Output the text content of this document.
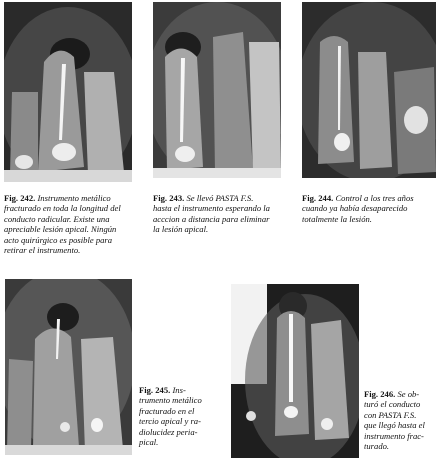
Fig. 242. Instrumento metálico
fracturado en toda la longitud del
conducto radicular. Existe una
apreciable lesión apical. Ningún
acto quirúrgico es posible para
retirar el instrumento.

Fig. 243. Se llevó PASTA F.S.
hasta el instrumento esperando la
acccion a distancia para eliminar
la lesión apical.

Fig. 244. Control a los tres años
cuando ya había desaparecido
totalmente la lesión.

Fig. 245. Ins-
trumento metálico
fracturado en el
tercio apical y ra-
diolucidez peria-
pical.

Fig. 246. Se ob-
turó el conducto
con PASTA F.S.
que llegó hasta el
instrumento frac-
turado.
